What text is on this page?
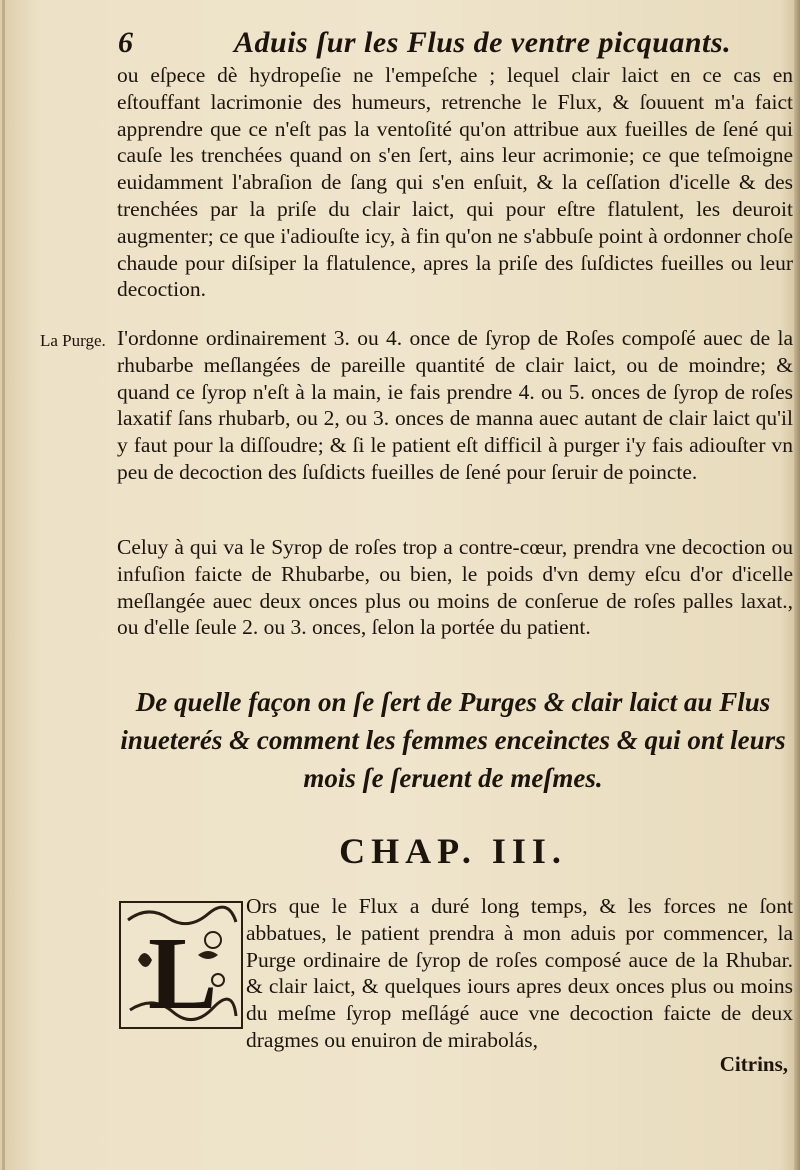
6	Aduis ſur les Flus de ventre picquants.
ou eſpece dè hydropeſie ne l'empeſche ; lequel clair laict en ce cas en eſtouffant lacrimonie des humeurs, retrenche le Flux, & ſouuent m'a faict apprendre que ce n'eſt pas la ventoſité qu'on attribue aux fueilles de ſené qui cauſe les trenchées quand on s'en ſert, ains leur acrimonie; ce que teſmoigne euidamment l'abraſion de ſang qui s'en enſuit, & la ceſſation d'icelle & des trenchées par la priſe du clair laict, qui pour eſtre flatulent, les deuroit augmenter; ce que i'adiouſte icy, à fin qu'on ne s'abbuſe point à ordonner choſe chaude pour diſsiper la flatulence, apres la priſe des ſuſdictes fueilles ou leur decoction.
La Purge. I'ordonne ordinairement 3. ou 4. once de ſyrop de Roſes compoſé auec de la rhubarbe meſlangées de pareille quantité de clair laict, ou de moindre; & quand ce ſyrop n'eſt à la main, ie fais prendre 4. ou 5. onces de ſyrop de roſes laxatif ſans rhubarb, ou 2, ou 3. onces de manna auec autant de clair laict qu'il y faut pour la diſſoudre; & ſi le patient eſt difficil à purger i'y fais adiouſter vn peu de decoction des ſuſdicts fueilles de ſené pour ſeruir de poincte.
Celuy à qui va le Syrop de roſes trop a contre-cœur, prendra vne decoction ou infuſion faicte de Rhubarbe, ou bien, le poids d'vn demy eſcu d'or d'icelle meſlangée auec deux onces plus ou moins de conſerue de roſes palles laxat., ou d'elle ſeule 2. ou 3. onces, ſelon la portée du patient.
De quelle façon on ſe ſert de Purges & clair laict au Flus inueterés & comment les femmes enceinctes & qui ont leurs mois ſe ſeruent de meſmes.
CHAP. III.
L
Ors que le Flux a duré long temps, & les forces ne ſont abbatues, le patient prendra à mon aduis por commencer, la Purge ordinaire de ſyrop de roſes composé auce de la Rhubar. & clair laict, & quelques iours apres deux onces plus ou moins du meſme ſyrop meſlágé auce vne decoction faicte de deux dragmes ou enuiron de mirabolás,
Citrins,
